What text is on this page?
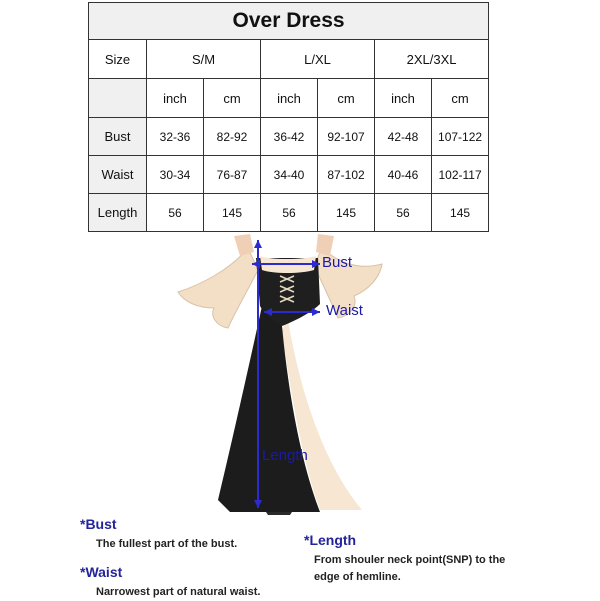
Over Dress						
Size	S/M		L/XL		2XL/3XL	
	inch	cm	inch	cm	inch	cm
Bust	32-36	82-92	36-42	92-107	42-48	107-122
Waist	30-34	76-87	34-40	87-102	40-46	102-117
Length	56	145	56	145	56	145
Bust
Waist
Length
*Bust
The fullest part of the bust.
*Waist
Narrowest part of natural waist.
*Length
From shouler neck point(SNP) to the
edge of hemline.
